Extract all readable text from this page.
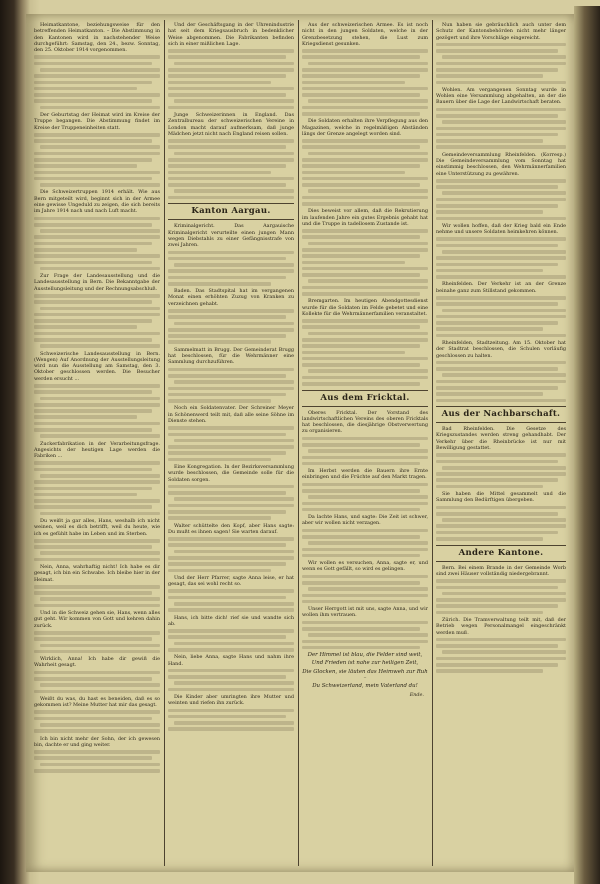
Heimatkantone, beziehungsweise für den betreffenden Heimatkanton. – Die Abstimmung in den Kantonen wird in nachstehender Weise durchgeführt: Samstag, den 24., bezw. Sonntag, den 25. Oktober 1914 vorgenommen.

Der Geburtstag der Heimat wird im Kreise der Truppe begangen. Die Abstimmung findet im Kreise der Truppeneinheiten statt.

Die Schweizertruppen 1914 erhält. Wie aus Bern mitgeteilt wird, beginnt sich in der Armee eine gewisse Ungeduld zu zeigen, die sich bereits im Jahre 1914 nach und nach Luft macht.

Zur Frage der Landesausstellung und die Landesausstellung in Bern. Die Bekanntgabe der Ausstellungsleitung und der Rechnungsabschluß.

Schweizerische Landesausstellung in Bern. (Wengen) Auf Anordnung der Ausstellungsleitung wird nun die Ausstellung am Samstag, den 3. Oktober geschlossen werden. Die Besucher werden ersucht ...

Zuckerfabrikation in der Verarbeitungsfrage. Angesichts der heutigen Lage werden die Fabriken ...

Du weißt ja gar alles, Hans, weshalb ich nicht weinen, weil es dich betrifft, weil du heute, wie ich es gefühlt habe im Leben und im Sterben.

Nein, Anna, wahrhaftig nicht! Ich habe es dir gesagt, ich bin ein Schwabe. Ich bleibe hier in der Heimat.

Und in die Schweiz gehen sie, Hans, wenn alles gut geht. Wir kommen von Gott und kehren dahin zurück.

Wirklich, Anna! Ich habe dir gewiß die Wahrheit gesagt.

Weißt du was, du hast es beneiden, daß es so gekommen ist? Meine Mutter hat mir das gesagt.

Ich bin nicht mehr der Sohn, der ich gewesen bin, dachte er und ging weiter.

Und der Geschäftsgang in der Uhrenindustrie hat seit dem Kriegsausbruch in bedenklicher Weise abgenommen. Die Fabrikanten befinden sich in einer mißlichen Lage.

Junge Schweizerinnen in England. Das Zentralbureau der schweizerischen Vereine in London macht darauf aufmerksam, daß junge Mädchen jetzt nicht nach England reisen sollen.

Kanton Aargau.

Kriminalgericht. Das Aargauische Kriminalgericht verurteilte einen jungen Mann wegen Diebstahls zu einer Gefängnisstrafe von zwei Jahren.

Baden. Das Stadtspital hat im vergangenen Monat einen erhöhten Zuzug von Kranken zu verzeichnen gehabt.

Sammelmatt in Brugg. Der Gemeinderat Brugg hat beschlossen, für die Wehrmänner eine Sammlung durchzuführen.

Noch ein Soldatenvater. Der Schreiner Meyer in Schönenwerd teilt mit, daß alle seine Söhne im Dienste stehen.

Eine Kongregation. In der Bezirksversammlung wurde beschlossen, die Gemeinde solle für die Soldaten sorgen.

Walter schüttelte den Kopf, aber Hans sagte: Du mußt es ihnen sagen! Sie warten darauf.

Und der Herr Pfarrer, sagte Anna leise, er hat gesagt, das sei wohl recht so.

Hans, ich bitte dich! rief sie und wandte sich ab.

Nein, liebe Anna, sagte Hans und nahm ihre Hand.

Die Kinder aber umringten ihre Mutter und weinten und riefen ihn zurück.

Aus der schweizerischen Armee. Es ist noch nicht in den jungen Soldaten, welche in der Grenzbesetzung stehen, die Lust zum Kriegsdienst gesunken.

Die Soldaten erhalten ihre Verpflegung aus den Magazinen, welche in regelmäßigen Abständen längs der Grenze angelegt worden sind.

Dies beweist vor allem, daß die Rekrutierung im laufenden Jahre ein gutes Ergebnis gehabt hat und die Truppe in tadellosem Zustande ist.

Bremgarten. Im heutigen Abendgottesdienst wurde für die Soldaten im Felde gebetet und eine Kollekte für die Wehrmännerfamilien veranstaltet.

Aus dem Fricktal.

Oberes Fricktal. Der Vorstand des landwirtschaftlichen Vereins des oberen Fricktals hat beschlossen, die diesjährige Obstverwertung zu organisieren.

Im Herbst werden die Bauern ihre Ernte einbringen und die Früchte auf den Markt tragen.

Da lachte Hans, und sagte: Die Zeit ist schwer, aber wir wollen nicht verzagen.

Wir wollen es versuchen, Anna, sagte er, und wenn es Gott gefällt, so wird es gelingen.

Unser Herrgott ist mit uns, sagte Anna, und wir wollen ihm vertrauen.

Der Himmel ist blau, die Felder sind weit,
Und Frieden ist nahe zur heiligen Zeit,
Die Glocken, sie läuten das Heimweh zur Ruh –
Du Schweizerland, mein Vaterland du!
Ende.

Nun haben sie gebräuchlich auch unter dem Schutz der Kantonsbehörden nicht mehr länger gezögert und ihre Vorschläge eingereicht.

Wohlen. Am vergangenen Sonntag wurde in Wohlen eine Versammlung abgehalten, an der die Bauern über die Lage der Landwirtschaft beraten.

Gemeindeversammlung Rheinfelden. (Korresp.) Die Gemeindeversammlung vom Sonntag hat einstimmig beschlossen, den Wehrmännerfamilien eine Unterstützung zu gewähren.

Wir wollen hoffen, daß der Krieg bald ein Ende nehme und unsere Soldaten heimkehren können.

Rheinfelden. Der Verkehr ist an der Grenze beinahe ganz zum Stillstand gekommen.

Rheinfelden, Stadtzeitung. Am 15. Oktober hat der Stadtrat beschlossen, die Schulen vorläufig geschlossen zu halten.

Aus der Nachbarschaft.

Bad Rheinfelden. Die Gesetze des Kriegszustandes werden streng gehandhabt. Der Verkehr über die Rheinbrücke ist nur mit Bewilligung gestattet.

Sie haben die Mittel gesammelt und die Sammlung den Bedürftigen übergeben.

Andere Kantone.

Bern. Bei einem Brande in der Gemeinde Worb sind zwei Häuser vollständig niedergebrannt.

Zürich. Die Tramverwaltung teilt mit, daß der Betrieb wegen Personalmangel eingeschränkt werden muß.
